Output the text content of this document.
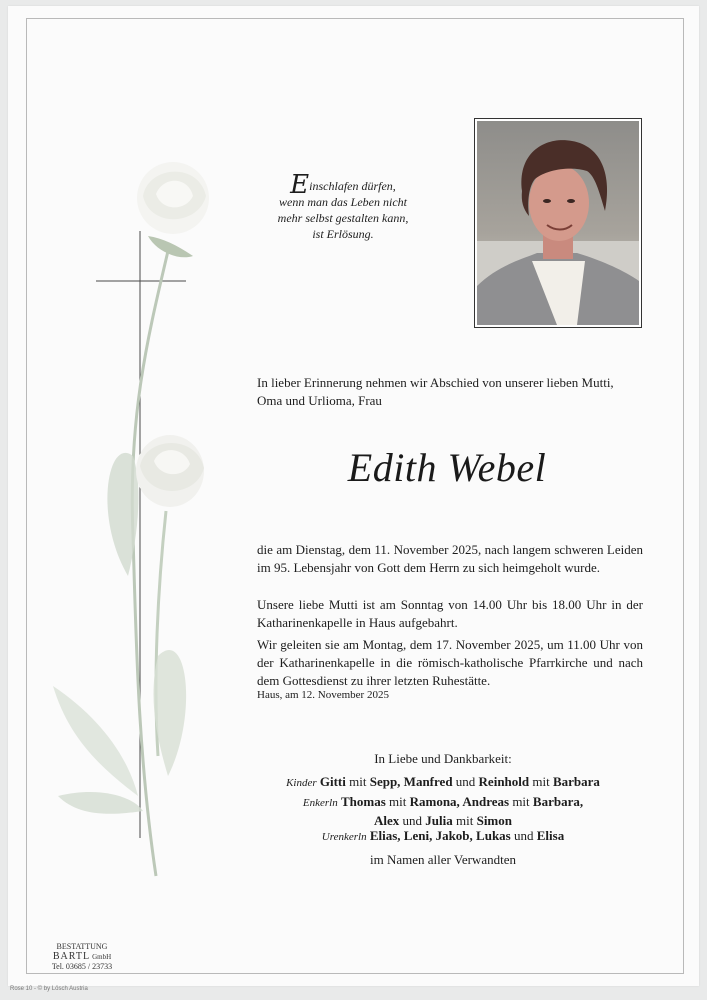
Einschlafen dürfen,
wenn man das Leben nicht
mehr selbst gestalten kann,
ist Erlösung.
In lieber Erinnerung nehmen wir Abschied von unserer lieben Mutti,
Oma und Urlioma, Frau
Edith Webel
die am Dienstag, dem 11. November 2025, nach langem schweren Leiden im 95. Lebensjahr von Gott dem Herrn zu sich heimgeholt wurde.
Unsere liebe Mutti ist am Sonntag von 14.00 Uhr bis 18.00 Uhr in der Katharinenkapelle in Haus aufgebahrt.
Wir geleiten sie am Montag, dem 17. November 2025, um 11.00 Uhr von der Katharinenkapelle in die römisch-katholische Pfarrkirche und nach dem Gottesdienst zu ihrer letzten Ruhestätte.
Haus, am 12. November 2025
In Liebe und Dankbarkeit:
Kinder Gitti mit Sepp, Manfred und Reinhold mit Barbara
Enkerln Thomas mit Ramona, Andreas mit Barbara,
Alex und Julia mit Simon
Urenkerln Elias, Leni, Jakob, Lukas und Elisa
im Namen aller Verwandten
BESTATTUNG
BARTL GmbH
Tel. 03685 / 23733
Rose 10 - © by Lösch Austria
